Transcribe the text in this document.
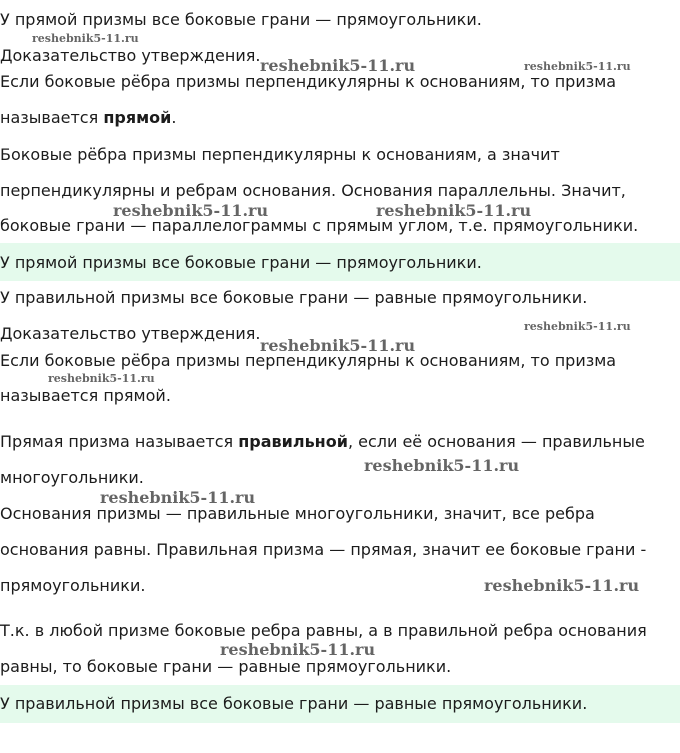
У прямой призмы все боковые грани — прямоугольники.
Доказательство утверждения.
Если боковые рёбра призмы перпендикулярны к основаниям, то призма
называется прямой.
Боковые рёбра призмы перпендикулярны к основаниям, а значит
перпендикулярны и ребрам основания. Основания параллельны. Значит,
боковые грани — параллелограммы с прямым углом, т.е. прямоугольники.
У прямой призмы все боковые грани — прямоугольники.
У правильной призмы все боковые грани — равные прямоугольники.
Доказательство утверждения.
Если боковые рёбра призмы перпендикулярны к основаниям, то призма
называется прямой.
Прямая призма называется правильной, если её основания — правильные
многоугольники.
Основания призмы — правильные многоугольники, значит, все ребра
основания равны. Правильная призма — прямая, значит ее боковые грани -
прямоугольники.
Т.к. в любой призме боковые ребра равны, а в правильной ребра основания
равны, то боковые грани — равные прямоугольники.
У правильной призмы все боковые грани — равные прямоугольники.
reshebnik5-11.ru
reshebnik5-11.ru	reshebnik5-11.ru
reshebnik5-11.ru	reshebnik5-11.ru
reshebnik5-11.ru
reshebnik5-11.ru
reshebnik5-11.ru
reshebnik5-11.ru
reshebnik5-11.ru
reshebnik5-11.ru
reshebnik5-11.ru
